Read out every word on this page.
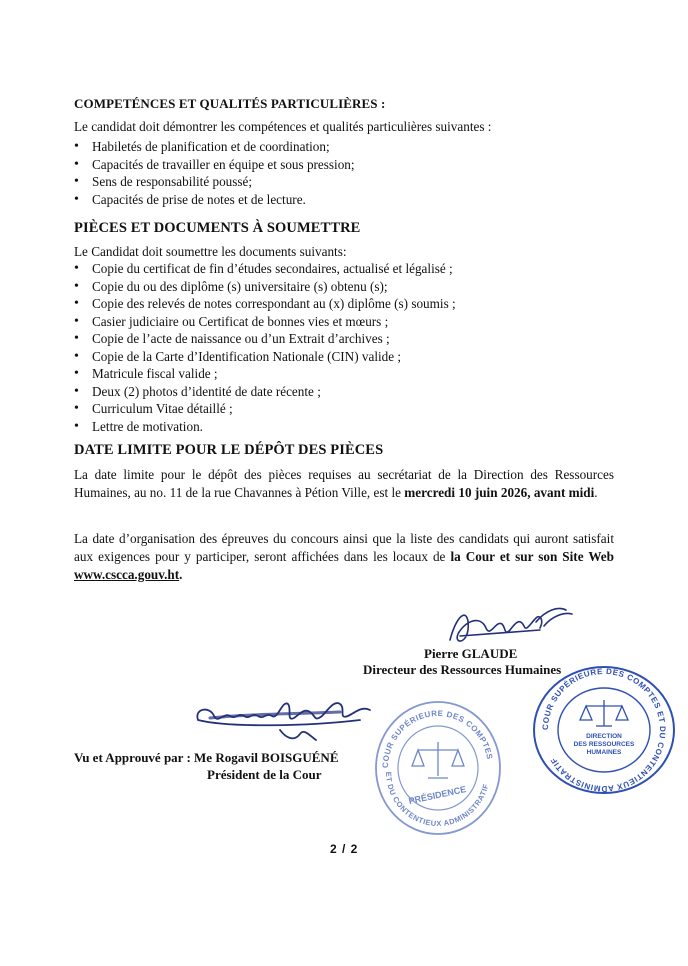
COMPETÉNCES ET QUALITÉS PARTICULIÈRES :
Le candidat doit démontrer les compétences et qualités particulières suivantes :
• Habiletés de planification et de coordination;
• Capacités de travailler en équipe et sous pression;
• Sens de responsabilité poussé;
• Capacités de prise de notes et de lecture.
PIÈCES ET DOCUMENTS À SOUMETTRE
Le Candidat doit soumettre les documents suivants:
• Copie du certificat de fin d’études secondaires, actualisé et légalisé ;
• Copie du ou des diplôme (s) universitaire (s) obtenu (s);
• Copie des relevés de notes correspondant au (x) diplôme (s) soumis ;
• Casier judiciaire ou Certificat de bonnes vies et mœurs ;
• Copie de l’acte de naissance ou d’un Extrait d’archives ;
• Copie de la Carte d’Identification Nationale (CIN) valide ;
• Matricule fiscal valide ;
• Deux (2) photos d’identité de date récente ;
• Curriculum Vitae détaillé ;
• Lettre de motivation.
DATE LIMITE POUR LE DÉPÔT DES PIÈCES
La date limite pour le dépôt des pièces requises au secrétariat de la Direction des Ressources Humaines, au no. 11 de la rue Chavannes à Pétion Ville, est le mercredi 10 juin 2026, avant midi.
La date d’organisation des épreuves du concours ainsi que la liste des candidats qui auront satisfait aux exigences pour y participer, seront affichées dans les locaux de la Cour et sur son Site Web www.cscca.gouv.ht.
Pierre GLAUDE
Directeur des Ressources Humaines
COUR SUPÉRIEURE DES COMPTES ET DU CONTENTIEUX ADMINISTRATIF
DIRECTION
DES RESSOURCES
HUMAINES
Vu et Approuvé par : Me Rogavil BOISGUÉNÉ
Président de la Cour
COUR SUPÉRIEURE DES COMPTES
ET DU CONTENTIEUX ADMINISTRATIF
PRÉSIDENCE
2 / 2
